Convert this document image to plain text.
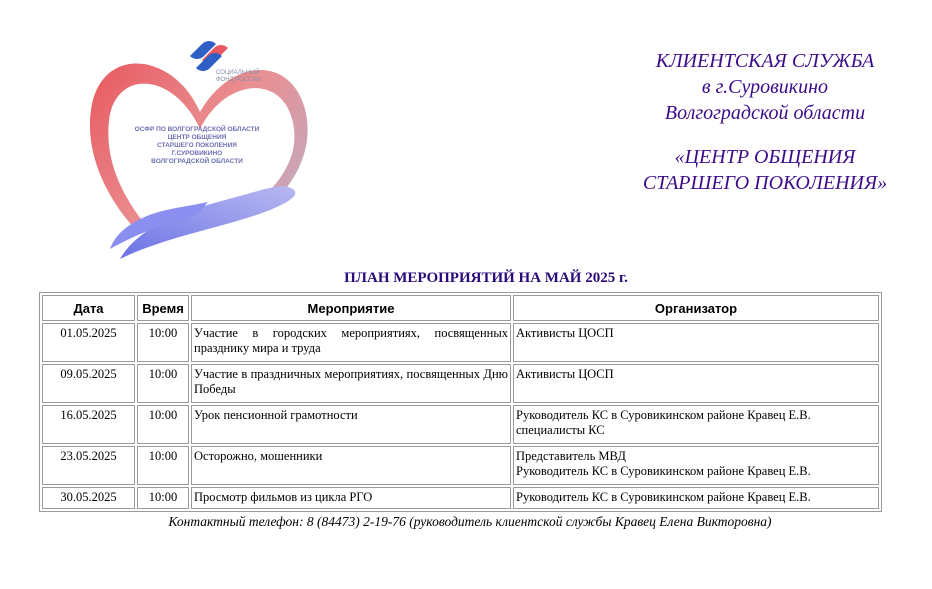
ОСФР ПО ВОЛГОГРАДСКОЙ ОБЛАСТИ
ЦЕНТР ОБЩЕНИЯ
СТАРШЕГО ПОКОЛЕНИЯ
Г.СУРОВИКИНО
ВОЛГОГРАДСКОЙ ОБЛАСТИ
СОЦИАЛЬНЫЙ
ФОНД РОССИИ
КЛИЕНТСКАЯ СЛУЖБА
в г.Суровикино
Волгоградской области
«ЦЕНТР ОБЩЕНИЯ
СТАРШЕГО ПОКОЛЕНИЯ»
ПЛАН МЕРОПРИЯТИЙ НА МАЙ 2025 г.
Дата	Время	Мероприятие	Организатор
01.05.2025	10:00	Участие в городских мероприятиях, посвященных празднику мира и труда	Активисты ЦОСП

09.05.2025	10:00	Участие в праздничных мероприятиях, посвященных Дню Победы	Активисты ЦОСП

16.05.2025	10:00	Урок пенсионной грамотности	Руководитель КС в Суровикинском районе Кравец Е.В.
специалисты КС

23.05.2025	10:00	Осторожно, мошенники	Представитель МВД
Руководитель КС в Суровикинском районе Кравец Е.В.

30.05.2025	10:00	Просмотр фильмов из цикла РГО	Руководитель КС в Суровикинском районе Кравец Е.В.
Контактный телефон: 8 (84473) 2-19-76 (руководитель клиентской службы Кравец Елена Викторовна)
